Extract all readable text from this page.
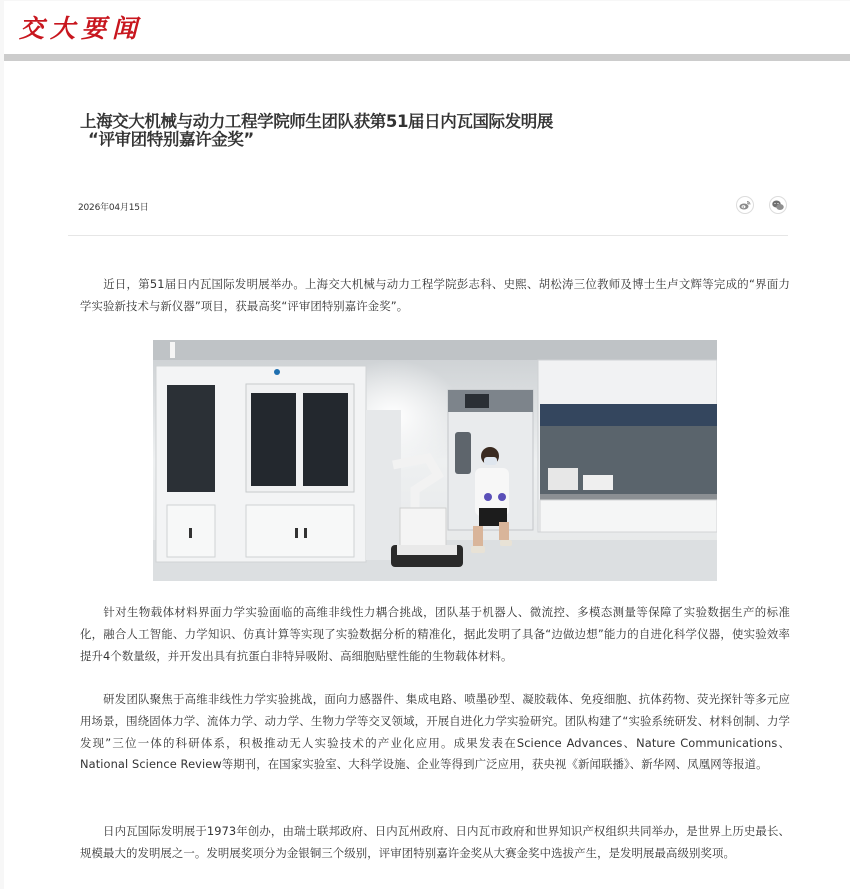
交大要闻
上海交大机械与动力工程学院师生团队获第51届日内瓦国际发明展
“评审团特别嘉许金奖”
2026年04月15日

近日，第51届日内瓦国际发明展举办。上海交大机械与动力工程学院彭志科、史熙、胡松涛三位教师及博士生卢文辉等完成的“界面力学实验新技术与新仪器”项目，获最高奖“评审团特别嘉许金奖”。

针对生物载体材料界面力学实验面临的高维非线性力耦合挑战，团队基于机器人、微流控、多模态测量等保障了实验数据生产的标准化，融合人工智能、力学知识、仿真计算等实现了实验数据分析的精准化，据此发明了具备“边做边想”能力的自进化科学仪器，使实验效率提升4个数量级，并开发出具有抗蛋白非特异吸附、高细胞贴壁性能的生物载体材料。

研发团队聚焦于高维非线性力学实验挑战，面向力感器件、集成电路、喷墨砂型、凝胶载体、免疫细胞、抗体药物、荧光探针等多元应用场景，围绕固体力学、流体力学、动力学、生物力学等交叉领域，开展自进化力学实验研究。团队构建了“实验系统研发、材料创制、力学发现”三位一体的科研体系，积极推动无人实验技术的产业化应用。成果发表在Science Advances、Nature Communications、National Science Review等期刊，在国家实验室、大科学设施、企业等得到广泛应用，获央视《新闻联播》、新华网、凤凰网等报道。

日内瓦国际发明展于1973年创办，由瑞士联邦政府、日内瓦州政府、日内瓦市政府和世界知识产权组织共同举办，是世界上历史最长、规模最大的发明展之一。发明展奖项分为金银铜三个级别，评审团特别嘉许金奖从大赛金奖中选拔产生，是发明展最高级别奖项。
